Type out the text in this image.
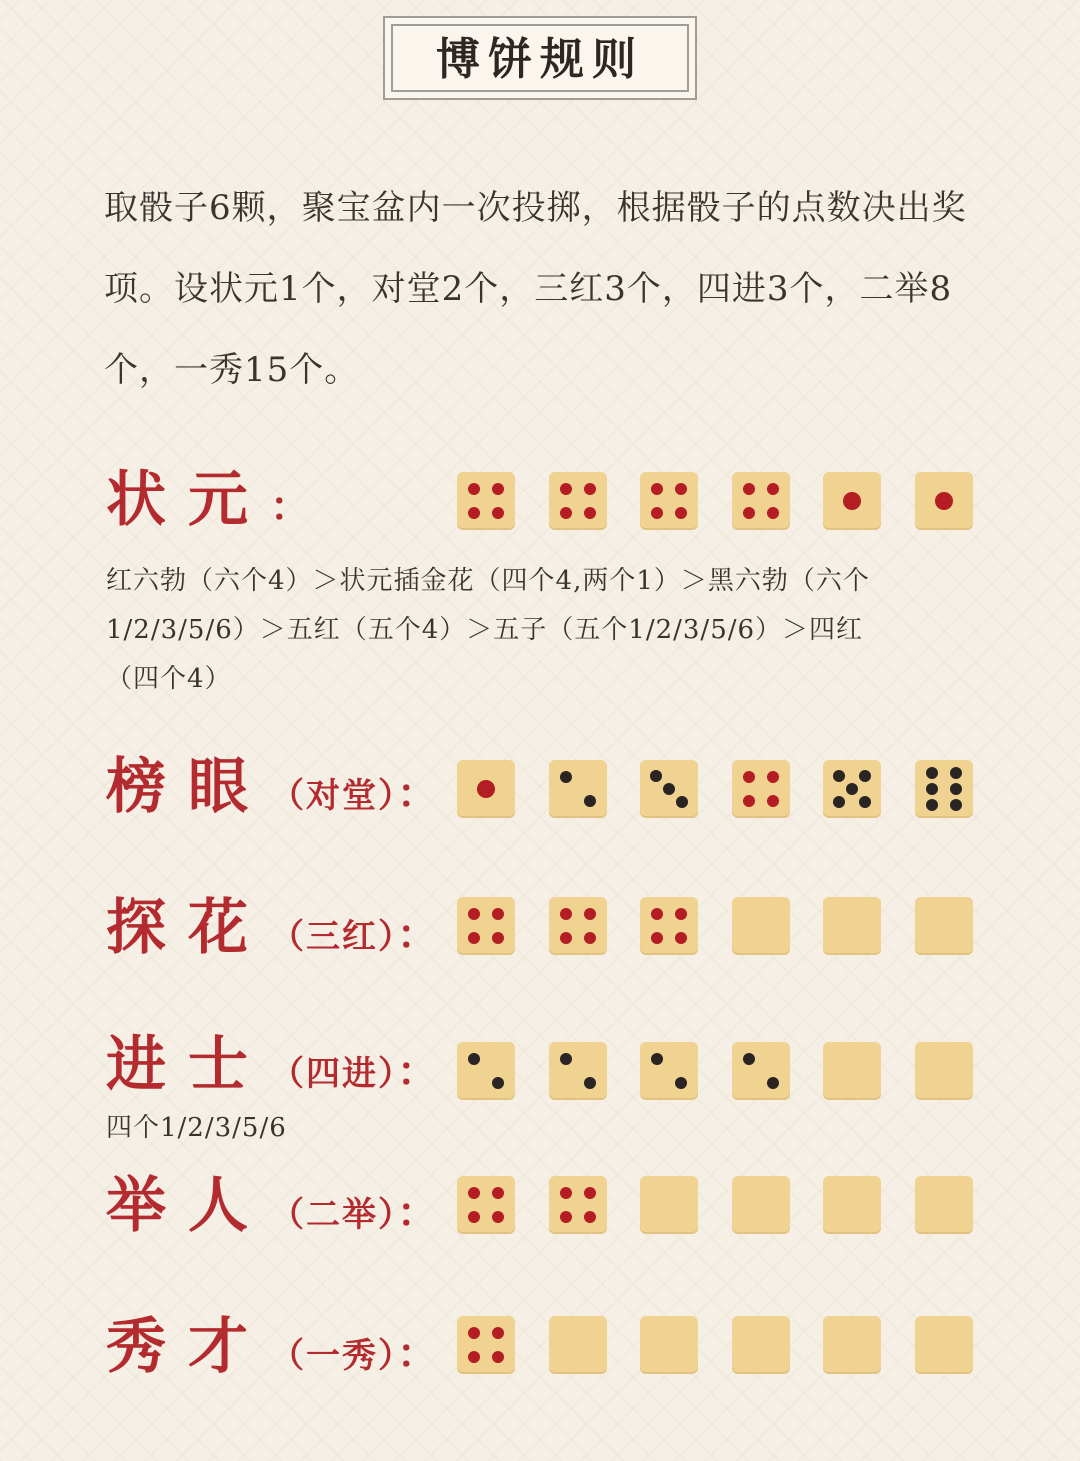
博饼规则
取骰子6颗，聚宝盆内一次投掷，根据骰子的点数决出奖项。设状元1个，对堂2个，三红3个，四进3个，二举8个，一秀15个。
状元：
红六勃（六个4）＞状元插金花（四个4,两个1）＞黑六勃（六个
1/2/3/5/6）＞五红（五个4）＞五子（五个1/2/3/5/6）＞四红
（四个4）
榜眼（对堂）：
探花（三红）：
进士（四进）：
四个1/2/3/5/6
举人（二举）：
秀才（一秀）：
